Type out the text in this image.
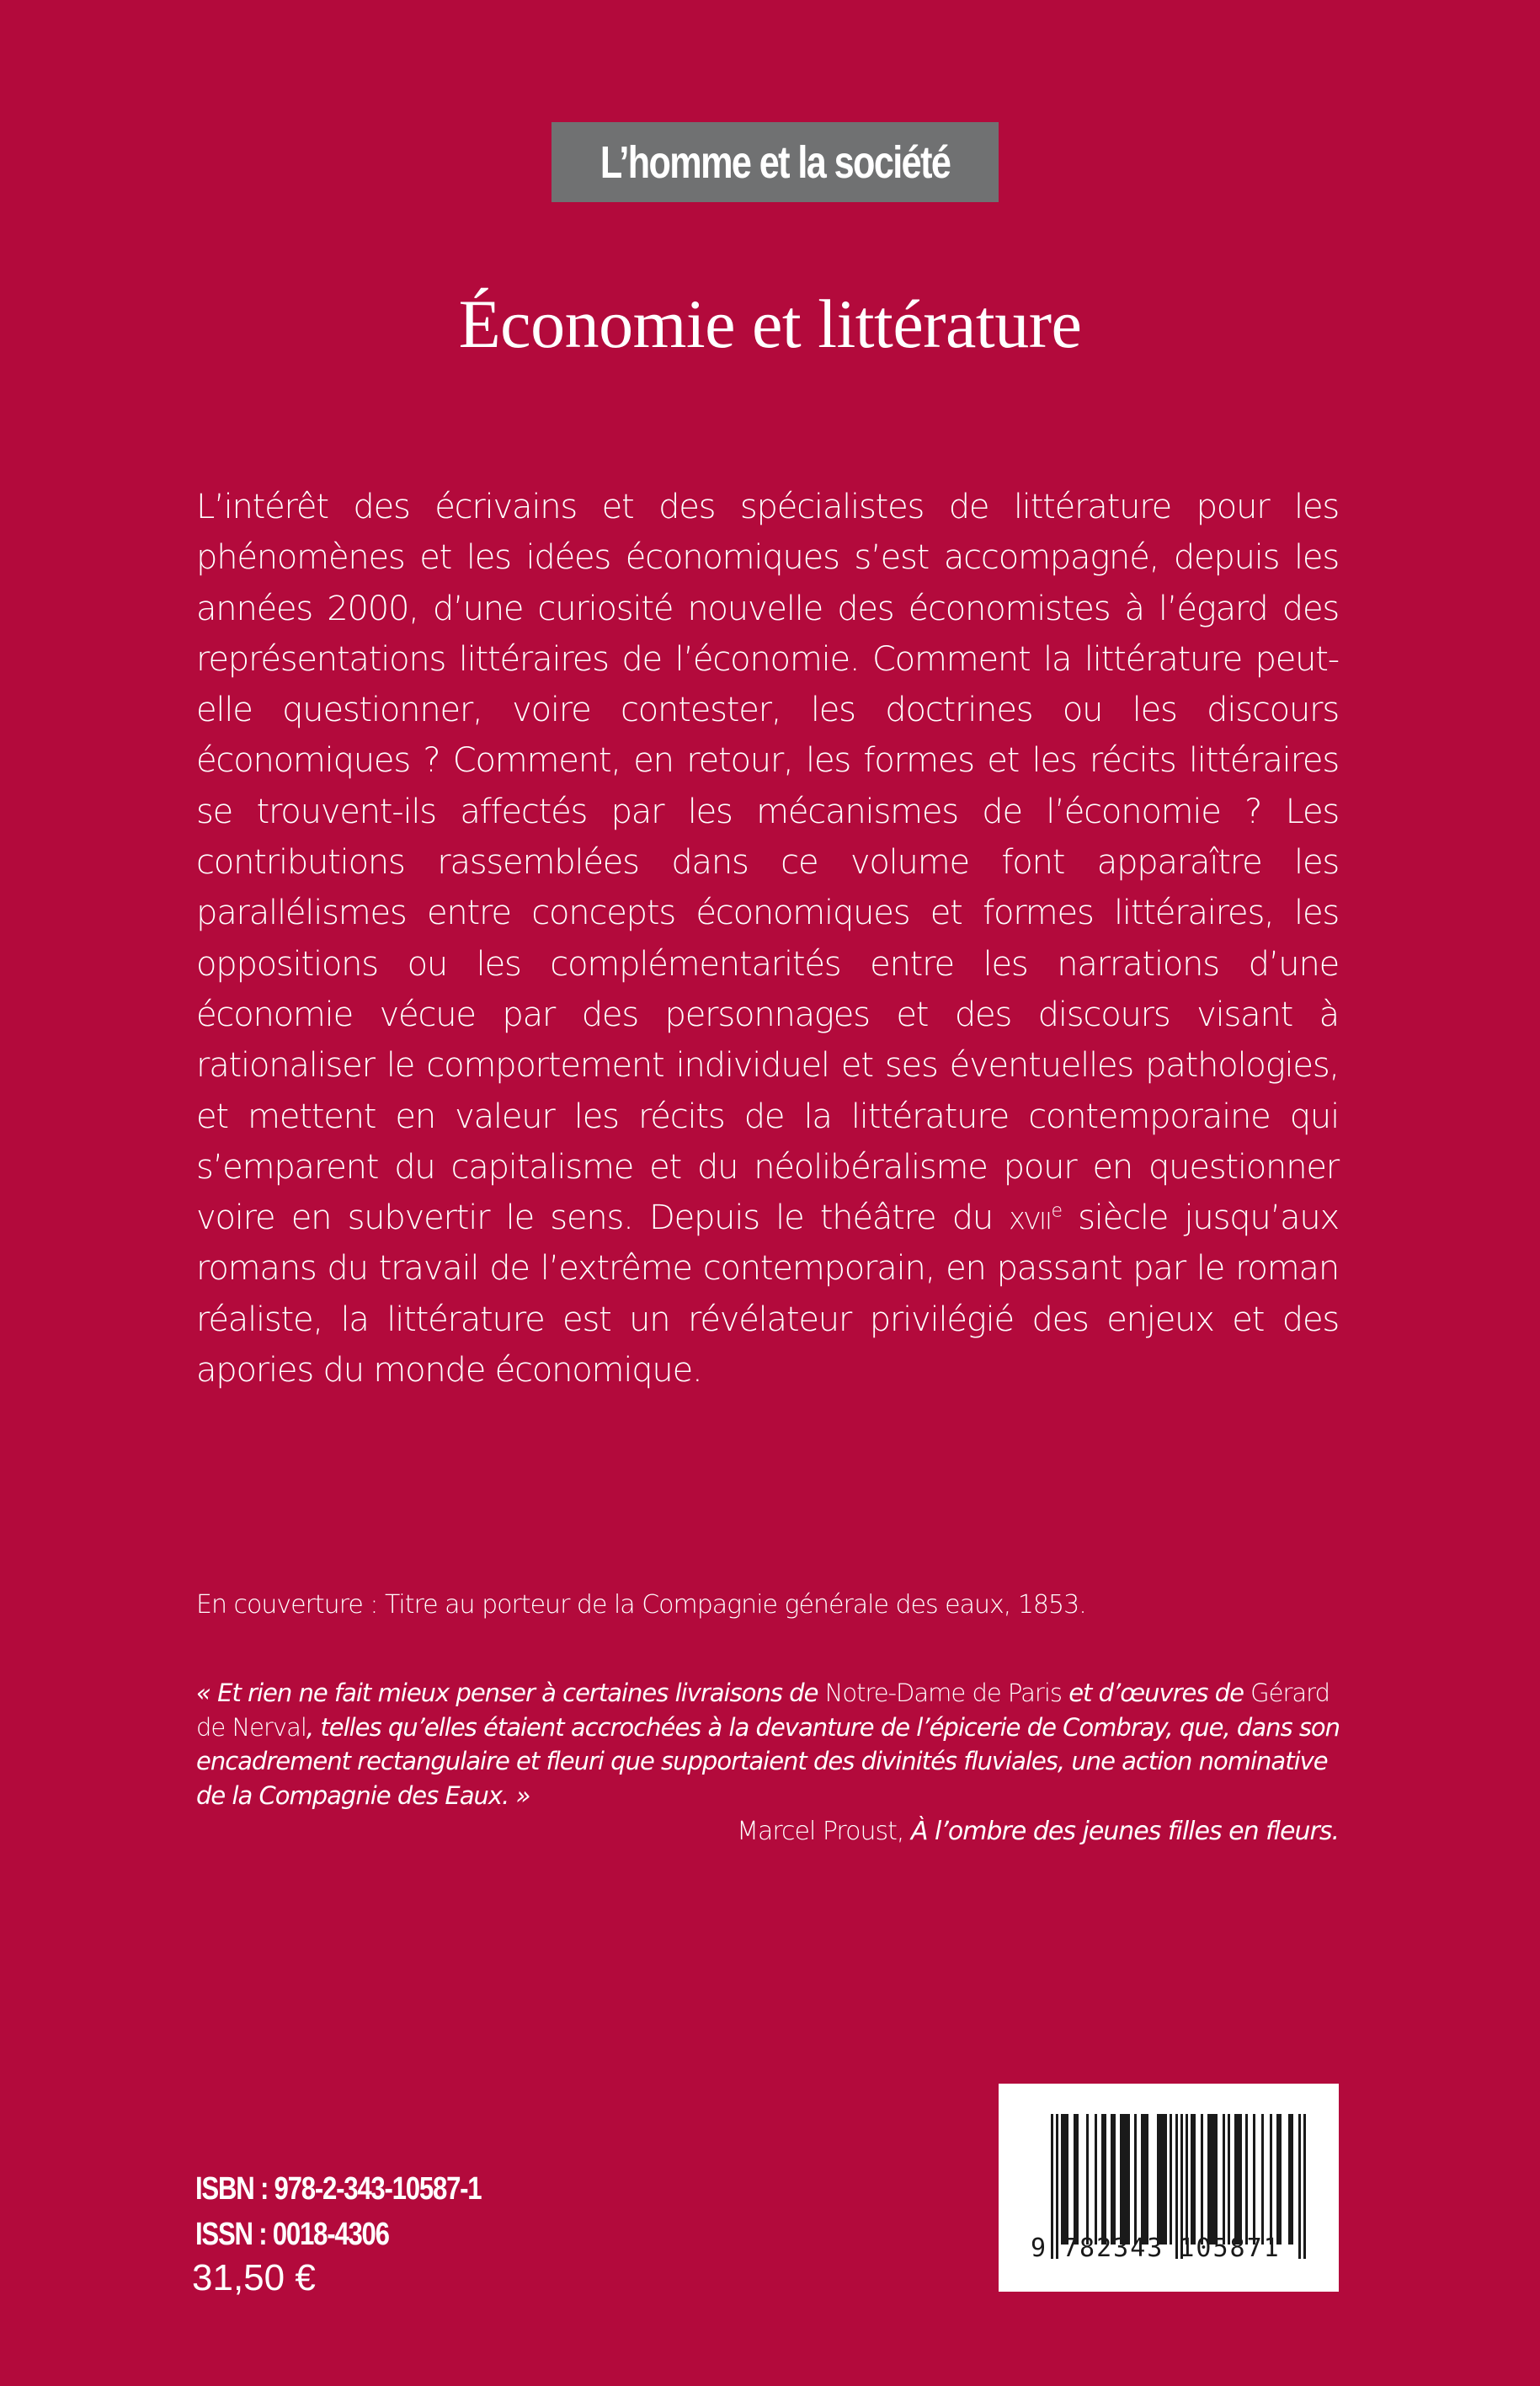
L’homme et la société
Économie et littérature

L’intérêt des écrivains et des spécialistes de littérature pour les phénomènes et les idées économiques s’est accompagné, depuis les années 2000, d’une curiosité nouvelle des économistes à l’égard des représentations littéraires de l’économie. Comment la littérature peut-elle questionner, voire contester, les doctrines ou les discours économiques ? Comment, en retour, les formes et les récits littéraires se trouvent-ils affectés par les mécanismes de l’économie ? Les contributions rassemblées dans ce volume font apparaître les parallélismes entre concepts économiques et formes littéraires, les oppositions ou les complémentarités entre les narrations d’une économie vécue par des personnages et des discours visant à rationaliser le comportement individuel et ses éventuelles pathologies, et mettent en valeur les récits de la littérature contemporaine qui s’emparent du capitalisme et du néolibéralisme pour en questionner voire en subvertir le sens. Depuis le théâtre du xvii$^e$ siècle jusqu’aux romans du travail de l’extrême contemporain, en passant par le roman réaliste, la littérature est un révélateur privilégié des enjeux et des apories du monde économique.

En couverture : Titre au porteur de la Compagnie générale des eaux, 1853.

« Et rien ne fait mieux penser à certaines livraisons de Notre-Dame de Paris et d’œuvres de Gérard de Nerval, telles qu’elles étaient accrochées à la devanture de l’épicerie de Combray, que, dans son encadrement rectangulaire et fleuri que supportaient des divinités fluviales, une action nominative de la Compagnie des Eaux. »

Marcel Proust, À l’ombre des jeunes filles en fleurs.

ISBN : 978-2-343-10587-1
ISSN : 0018-4306
31,50 €
9 782343 105871
